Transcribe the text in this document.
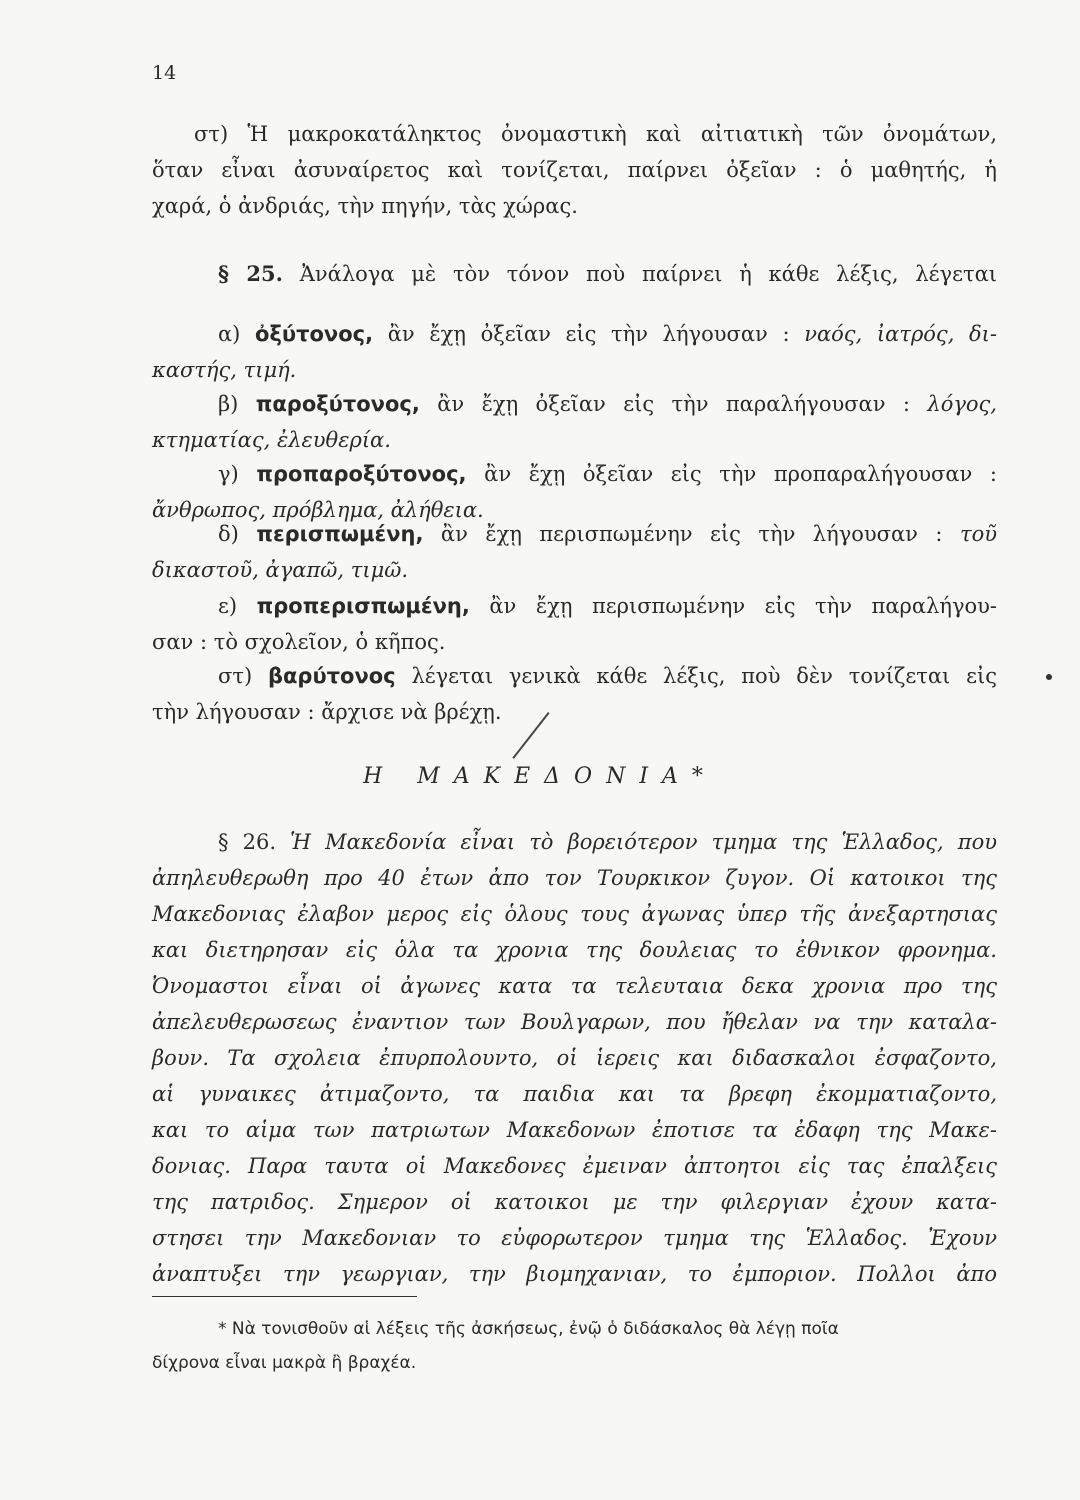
14
στ) Ἡ μακροκατάληκτος ὀνομαστικὴ καὶ αἰτιατικὴ τῶν ὀνομάτων,
ὅταν εἶναι ἀσυναίρετος καὶ τονίζεται, παίρνει ὀξεῖαν : ὁ μαθητής, ἡ
χαρά, ὁ ἀνδριάς, τὴν πηγήν, τὰς χώρας.
§ 25. Ἀνάλογα μὲ τὸν τόνον ποὺ παίρνει ἡ κάθε λέξις, λέγεται
α) ὀξύτονος, ἂν ἔχῃ ὀξεῖαν εἰς τὴν λήγουσαν : ναός, ἰατρός, δι-
καστής, τιμή.
β) παροξύτονος, ἂν ἔχῃ ὀξεῖαν εἰς τὴν παραλήγουσαν : λόγος,
κτηματίας, ἐλευθερία.
γ) προπαροξύτονος, ἂν ἔχῃ ὀξεῖαν εἰς τὴν προπαραλήγουσαν :
ἄνθρωπος, πρόβλημα, ἀλήθεια.
δ) περισπωμένη, ἂν ἔχῃ περισπωμένην εἰς τὴν λήγουσαν : τοῦ
δικαστοῦ, ἀγαπῶ, τιμῶ.
ε) προπερισπωμένη, ἂν ἔχῃ περισπωμένην εἰς τὴν παραλήγου-
σαν : τὸ σχολεῖον, ὁ κῆπος.
στ) βαρύτονος λέγεται γενικὰ κάθε λέξις, ποὺ δὲν τονίζεται εἰς
τὴν λήγουσαν : ἄρχισε νὰ βρέχῃ.
Η ΜΑΚΕΔΟΝΙΑ*
§ 26. Ἡ Μακεδονία εἶναι τὸ βορειότερον τμημα της Ἑλλαδος, που
ἀπηλευθερωθη προ 40 ἐτων ἀπο τον Τουρκικον ζυγον. Οἱ κατοικοι της
Μακεδονιας ἐλαβον μερος εἰς ὁλους τους ἀγωνας ὑπερ τῆς ἀνεξαρτησιας
και διετηρησαν εἰς ὁλα τα χρονια της δουλειας το ἐθνικον φρονημα.
Ὀνομαστοι εἶναι οἱ ἀγωνες κατα τα τελευταια δεκα χρονια προ της
ἀπελευθερωσεως ἐναντιον των Βουλγαρων, που ἤθελαν να την καταλα-
βουν. Τα σχολεια ἐπυρπολουντο, οἱ ἱερεις και διδασκαλοι ἐσφαζοντο,
αἱ γυναικες ἀτιμαζοντο, τα παιδια και τα βρεφη ἐκομματιαζοντο,
και το αἱμα των πατριωτων Μακεδονων ἐποτισε τα ἐδαφη της Μακε-
δονιας. Παρα ταυτα οἱ Μακεδονες ἐμειναν ἀπτοητοι εἰς τας ἐπαλξεις
της πατριδος. Σημερον οἱ κατοικοι με την φιλεργιαν ἐχουν κατα-
στησει την Μακεδονιαν το εὐφορωτερον τμημα της Ἑλλαδος. Ἐχουν
ἀναπτυξει την γεωργιαν, την βιομηχανιαν, το ἐμποριον. Πολλοι ἀπο
* Νὰ τονισθοῦν αἱ λέξεις τῆς ἀσκήσεως, ἐνῷ ὁ διδάσκαλος θὰ λέγῃ ποῖα
δίχρονα εἶναι μακρὰ ἢ βραχέα.
